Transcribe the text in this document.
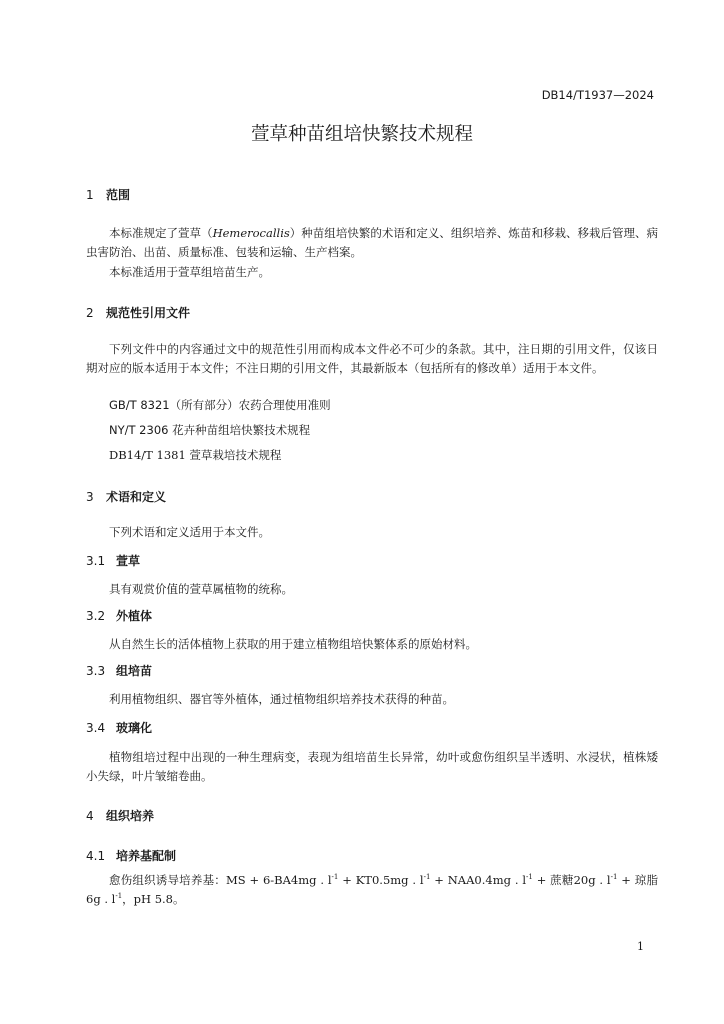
DB14/T1937—2024
萱草种苗组培快繁技术规程
1 范围
本标准规定了萱草（Hemerocallis）种苗组培快繁的术语和定义、组织培养、炼苗和移栽、移栽后管理、病虫害防治、出苗、质量标准、包装和运输、生产档案。
本标准适用于萱草组培苗生产。
2 规范性引用文件
下列文件中的内容通过文中的规范性引用而构成本文件必不可少的条款。其中，注日期的引用文件，仅该日期对应的版本适用于本文件；不注日期的引用文件，其最新版本（包括所有的修改单）适用于本文件。
GB/T 8321（所有部分）农药合理使用准则
NY/T 2306 花卉种苗组培快繁技术规程
DB14/T 1381 萱草栽培技术规程
3 术语和定义
下列术语和定义适用于本文件。
3.1 萱草
具有观赏价值的萱草属植物的统称。
3.2 外植体
从自然生长的活体植物上获取的用于建立植物组培快繁体系的原始材料。
3.3 组培苗
利用植物组织、器官等外植体，通过植物组织培养技术获得的种苗。
3.4 玻璃化
植物组培过程中出现的一种生理病变，表现为组培苗生长异常，幼叶或愈伤组织呈半透明、水浸状，植株矮小失绿，叶片皱缩卷曲。
4 组织培养
4.1 培养基配制
愈伤组织诱导培养基：MS + 6-BA4mg . $l^{-1} + KT0.5mg$ . $l^{-1} + NAA0.4mg$ . $l^{-1}$ + 蔗糖20g . $l^{-1}$ + 琼脂6g . $l^{-1}$，pH 5.8。
1
